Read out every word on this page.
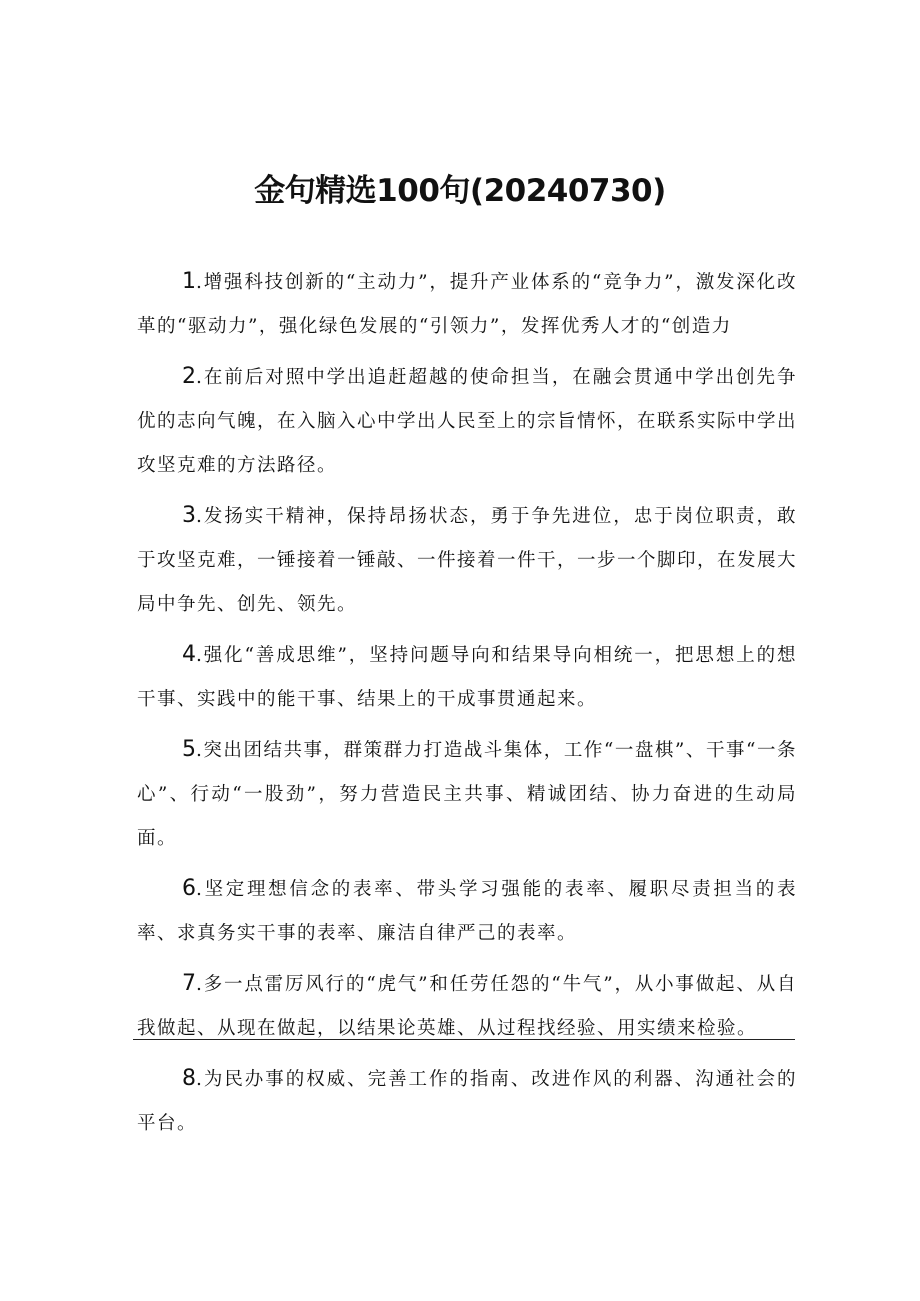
金句精选100句(20240730)

1.增强科技创新的“主动力”，提升产业体系的“竞争力”，激发深化改革的“驱动力”，强化绿色发展的“引领力”，发挥优秀人才的“创造力

2.在前后对照中学出追赶超越的使命担当，在融会贯通中学出创先争优的志向气魄，在入脑入心中学出人民至上的宗旨情怀，在联系实际中学出攻坚克难的方法路径。

3.发扬实干精神，保持昂扬状态，勇于争先进位，忠于岗位职责，敢于攻坚克难，一锤接着一锤敲、一件接着一件干，一步一个脚印，在发展大局中争先、创先、领先。

4.强化“善成思维”，坚持问题导向和结果导向相统一，把思想上的想干事、实践中的能干事、结果上的干成事贯通起来。

5.突出团结共事，群策群力打造战斗集体，工作“一盘棋”、干事“一条心”、行动“一股劲”，努力营造民主共事、精诚团结、协力奋进的生动局面。

6.坚定理想信念的表率、带头学习强能的表率、履职尽责担当的表率、求真务实干事的表率、廉洁自律严己的表率。

7.多一点雷厉风行的“虎气”和任劳任怨的“牛气”，从小事做起、从自我做起、从现在做起，以结果论英雄、从过程找经验、用实绩来检验。

8.为民办事的权威、完善工作的指南、改进作风的利器、沟通社会的平台。
